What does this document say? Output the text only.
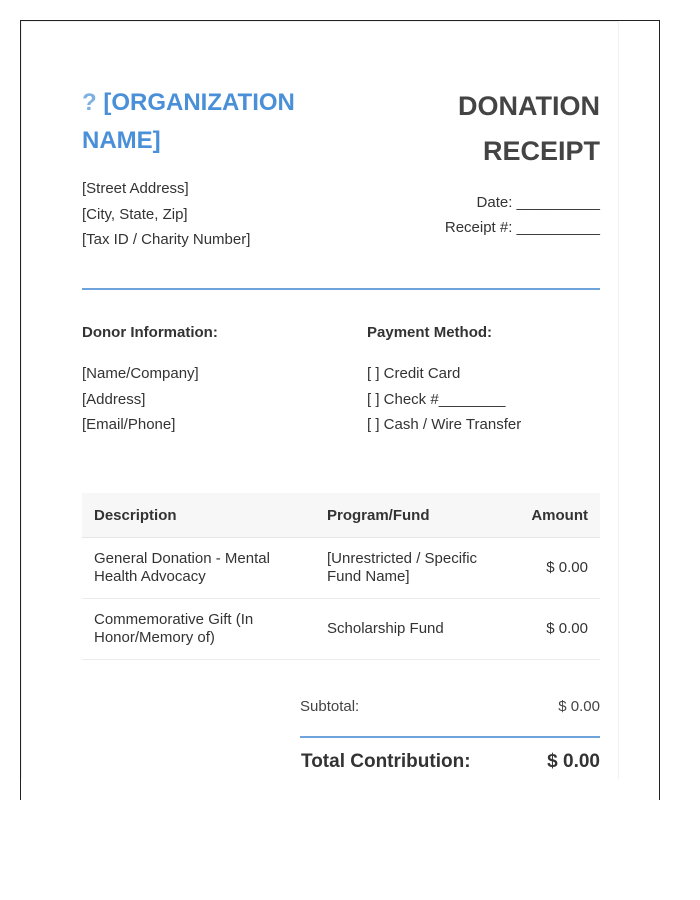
? [ORGANIZATION NAME]
[Street Address]
[City, State, Zip]
[Tax ID / Charity Number]
DONATION
RECEIPT
Date: __________
Receipt #: __________
Donor Information:
[Name/Company]
[Address]
[Email/Phone]
Payment Method:
[ ] Credit Card
[ ] Check #________
[ ] Cash / Wire Transfer
Description	Program/Fund	Amount
General Donation - Mental Health Advocacy	[Unrestricted / Specific Fund Name]	$ 0.00
Commemorative Gift (In Honor/Memory of)	Scholarship Fund	$ 0.00
Subtotal:	$ 0.00
Total Contribution:	$ 0.00
